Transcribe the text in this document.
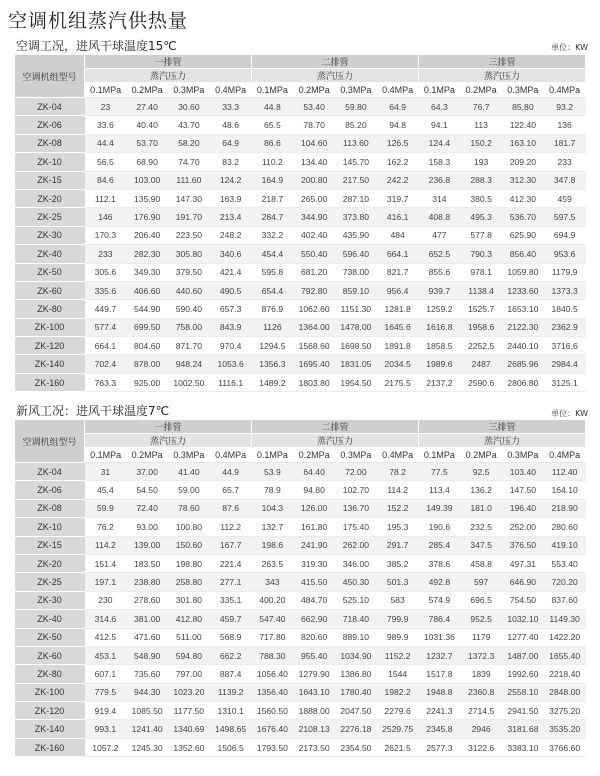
空调机组蒸汽供热量
空调工况，进风干球温度15℃	单位：KW
空调机组型号	一排管				二排管				三排管			
	蒸汽压力				蒸汽压力				蒸汽压力			
	0.1MPa	0.2MPa	0.3MPa	0.4MPa	0.1MPa	0.2MPa	0.3MPa	0.4MPa	0.1MPa	0.2MPa	0.3MPa	0.4MPa
ZK-04	23	27.40	30.60	33.3	44.8	53.40	59.80	64.9	64.3	76.7	85.80	93.2
ZK-06	33.6	40.40	43.70	48.6	65.5	78.70	85.20	94.8	94.1	113	122.40	136
ZK-08	44.4	53.70	58.20	64.9	86.6	104.60	113.60	126.5	124.4	150.2	163.10	181.7
ZK-10	56.5	68.90	74.70	83.2	110.2	134.40	145.70	162.2	158.3	193	209.20	233
ZK-15	84.6	103.00	111.60	124.2	164.9	200.80	217.50	242.2	236.8	288.3	312.30	347.8
ZK-20	112.1	135.90	147.30	163.9	218.7	265.00	287.10	319.7	314	380.5	412.30	459
ZK-25	146	176.90	191.70	213.4	284.7	344.90	373.80	416.1	408.8	495.3	536.70	597.5
ZK-30	170.3	206.40	223.50	248.2	332.2	402.40	435.90	484	477	577.8	625.90	694.9
ZK-40	233	282.30	305.80	340.6	454.4	550.40	596.40	664.1	652.5	790.3	856.40	953.6
ZK-50	305.6	349.30	379.50	421.4	595.8	681.20	738.00	821.7	855.6	978.1	1059.80	1179.9
ZK-60	335.6	406.60	440.60	490.5	654.4	792.80	859.10	956.4	939.7	1138.4	1233.60	1373.3
ZK-80	449.7	544.90	590.40	657.3	876.9	1062.60	1151.30	1281.8	1259.2	1525.7	1653.10	1840.5
ZK-100	577.4	699.50	758.00	843.9	1126	1364.00	1478.00	1645.6	1616.8	1958.6	2122.30	2362.9
ZK-120	664.1	804.60	871.70	970.4	1294.5	1568.60	1698.50	1891.8	1858.5	2252.5	2440.10	3716.6
ZK-140	702.4	878.00	948.24	1053.6	1356.3	1695.40	1831.05	2034.5	1989.6	2487	2685.96	2984.4
ZK-160	763.3	925.00	1002.50	1116.1	1489.2	1803.80	1954.50	2175.5	2137.2	2590.6	2806.80	3125.1
新风工况：进风干球温度7℃	单位：KW
空调机组型号	一排管				二排管				三排管			
	蒸汽压力				蒸汽压力				蒸汽压力			
	0.1MPa	0.2MPa	0.3MPa	0.4MPa	0.1MPa	0.2MPa	0.3MPa	0.4MPa	0.1MPa	0.2MPa	0.3MPa	0.4MPa
ZK-04	31	37.00	41.40	44.9	53.9	64.40	72.00	78.2	77.5	92.5	103.40	112.40
ZK-06	45.4	54.50	59.00	65.7	78.9	94.80	102.70	114.2	113.4	136.2	147.50	164.10
ZK-08	59.9	72.40	78.60	87.6	104.3	126.00	136.70	152.2	149.39	181.0	196.40	218.90
ZK-10	76.2	93.00	100.80	112.2	132.7	161.80	175.40	195.3	190.6	232.5	252.00	280.60
ZK-15	114.2	139.00	150.60	167.7	198.6	241.90	262.00	291.7	285.4	347.5	376.50	419.10
ZK-20	151.4	183.50	198.80	221.4	263.5	319.30	346.00	385.2	378.6	458.8	497.31	553.40
ZK-25	197.1	238.80	258.80	277.1	343	415.50	450.30	501.3	492.8	597	646.90	720.20
ZK-30	230	278.60	301.80	335.1	400.20	484.70	525.10	583	574.9	696.5	754.50	837.60
ZK-40	314.6	381.00	412.80	459.7	547.40	662.90	718.40	799.9	786.4	952.5	1032.10	1149.30
ZK-50	412.5	471.60	511.00	568.9	717.80	820.60	889.10	989.9	1031.36	1179	1277.40	1422.20
ZK-60	453.1	548.90	594.80	662.2	788.30	955.40	1034.90	1152.2	1232.7	1372.3	1487.00	1655.40
ZK-80	607.1	735.60	797.00	887.4	1056.40	1279.90	1386.80	1544	1517.8	1839	1992.60	2218.40
ZK-100	779.5	944.30	1023.20	1139.2	1356.40	1643.10	1780.40	1982.2	1948.8	2360.8	2558.10	2848.00
ZK-120	919.4	1085.50	1177.50	1310.1	1560.50	1888.00	2047.50	2279.6	2241.3	2714.5	2941.50	3275.20
ZK-140	993.1	1241.40	1340.69	1498.65	1676.40	2108.13	2276.18	2529.75	2345.8	2946	3181.68	3535.20
ZK-160	1057.2	1245.30	1352.60	1506.5	1793.50	2173.50	2354.50	2621.5	2577.3	3122.6	3383.10	3766.60
